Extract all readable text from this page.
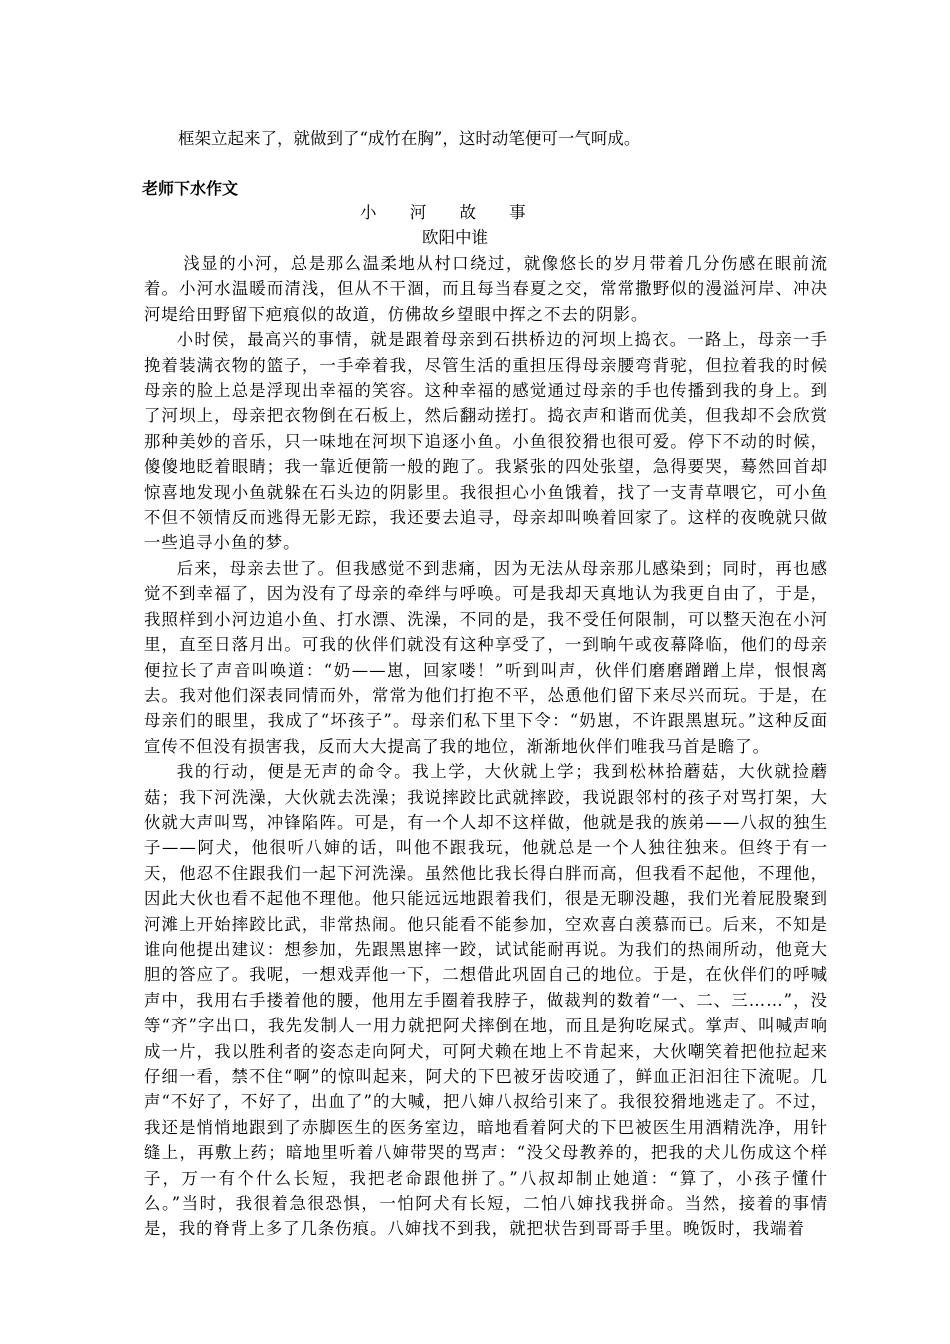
框架立起来了，就做到了“成竹在胸”，这时动笔便可一气呵成。
老师下水作文
小 河 故 事
欧阳中谁

浅显的小河，总是那么温柔地从村口绕过，就像悠长的岁月带着几分伤感在眼前流着。小河水温暖而清浅，但从不干涸，而且每当春夏之交，常常撒野似的漫溢河岸、冲决河堤给田野留下疤痕似的故道，仿佛故乡望眼中挥之不去的阴影。

小时侯，最高兴的事情，就是跟着母亲到石拱桥边的河坝上捣衣。一路上，母亲一手挽着装满衣物的篮子，一手牵着我，尽管生活的重担压得母亲腰弯背驼，但拉着我的时候母亲的脸上总是浮现出幸福的笑容。这种幸福的感觉通过母亲的手也传播到我的身上。到了河坝上，母亲把衣物倒在石板上，然后翻动搓打。捣衣声和谐而优美，但我却不会欣赏那种美妙的音乐，只一味地在河坝下追逐小鱼。小鱼很狡猾也很可爱。停下不动的时候，傻傻地眨着眼睛；我一靠近便箭一般的跑了。我紧张的四处张望，急得要哭，蓦然回首却惊喜地发现小鱼就躲在石头边的阴影里。我很担心小鱼饿着，找了一支青草喂它，可小鱼不但不领情反而逃得无影无踪，我还要去追寻，母亲却叫唤着回家了。这样的夜晚就只做一些追寻小鱼的梦。

后来，母亲去世了。但我感觉不到悲痛，因为无法从母亲那儿感染到；同时，再也感觉不到幸福了，因为没有了母亲的牵绊与呼唤。可是我却天真地认为我更自由了，于是，我照样到小河边追小鱼、打水漂、洗澡，不同的是，我不受任何限制，可以整天泡在小河里，直至日落月出。可我的伙伴们就没有这种享受了，一到晌午或夜幕降临，他们的母亲便拉长了声音叫唤道：“奶——崽，回家喽！”听到叫声，伙伴们磨磨蹭蹭上岸，恨恨离去。我对他们深表同情而外，常常为他们打抱不平，怂恿他们留下来尽兴而玩。于是，在母亲们的眼里，我成了“坏孩子”。母亲们私下里下令：“奶崽，不许跟黑崽玩。”这种反面宣传不但没有损害我，反而大大提高了我的地位，渐渐地伙伴们唯我马首是瞻了。

我的行动，便是无声的命令。我上学，大伙就上学；我到松林拾蘑菇，大伙就捡蘑菇；我下河洗澡，大伙就去洗澡；我说摔跤比武就摔跤，我说跟邻村的孩子对骂打架，大伙就大声叫骂，冲锋陷阵。可是，有一个人却不这样做，他就是我的族弟——八叔的独生子——阿犬，他很听八婶的话，叫他不跟我玩，他就总是一个人独往独来。但终于有一天，他忍不住跟我们一起下河洗澡。虽然他比我长得白胖而高，但我看不起他，不理他，因此大伙也看不起他不理他。他只能远远地跟着我们，很是无聊没趣，我们光着屁股聚到河滩上开始摔跤比武，非常热闹。他只能看不能参加，空欢喜白羡慕而已。后来，不知是谁向他提出建议：想参加，先跟黑崽摔一跤，试试能耐再说。为我们的热闹所动，他竟大胆的答应了。我呢，一想戏弄他一下，二想借此巩固自己的地位。于是，在伙伴们的呼喊声中，我用右手搂着他的腰，他用左手圈着我脖子，做裁判的数着“一、二、三……”，没等“齐”字出口，我先发制人一用力就把阿犬摔倒在地，而且是狗吃屎式。掌声、叫喊声响成一片，我以胜利者的姿态走向阿犬，可阿犬赖在地上不肯起来，大伙嘲笑着把他拉起来仔细一看，禁不住“啊”的惊叫起来，阿犬的下巴被牙齿咬通了，鲜血正汩汩往下流呢。几声“不好了，不好了，出血了”的大喊，把八婶八叔给引来了。我很狡猾地逃走了。不过，我还是悄悄地跟到了赤脚医生的医务室边，暗地看着阿犬的下巴被医生用酒精洗净，用针缝上，再敷上药；暗地里听着八婶带哭的骂声：“没父母教养的，把我的犬儿伤成这个样子，万一有个什么长短，我把老命跟他拼了。”八叔却制止她道：“算了，小孩子懂什么。”当时，我很着急很恐惧，一怕阿犬有长短，二怕八婶找我拼命。当然，接着的事情是，我的脊背上多了几条伤痕。八婶找不到我，就把状告到哥哥手里。晚饭时，我端着
